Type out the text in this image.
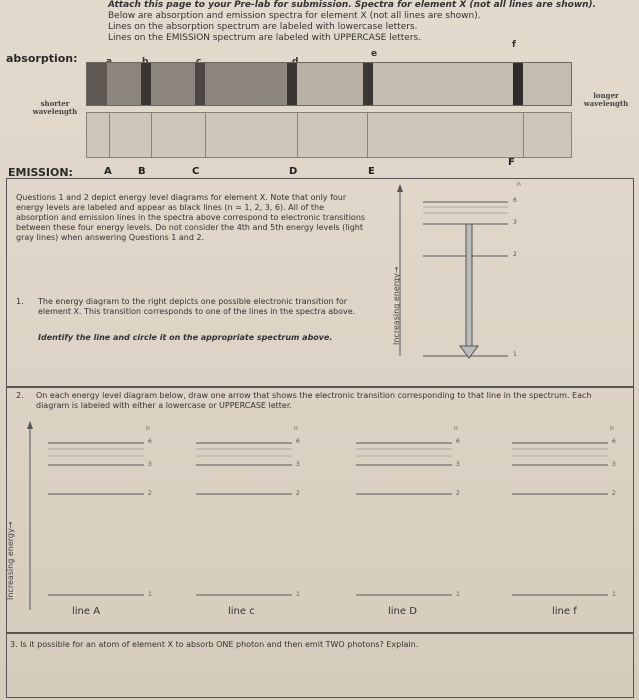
Attach this page to your Pre-lab for submission. Spectra for element X (not all lines are shown).
Below are absorption and emission spectra for element X (not all lines are shown).
Lines on the absorption spectrum are labeled with lowercase letters.
Lines on the EMISSION spectrum are labeled with UPPERCASE letters.
absorption:	e
f
shorter wavelength
longer wavelength
EMISSION:	A	B	C	D	E
F
Questions 1 and 2 depict energy level diagrams for element X. Note that only four energy levels are labeled and appear as black lines (n = 1, 2, 3, 6). All of the absorption and emission lines in the spectra above correspond to electronic transitions between these four energy levels. Do not consider the 4th and 5th energy levels (light gray lines) when answering Questions 1 and 2.
1. The energy diagram to the right depicts one possible electronic transition for element X. This transition corresponds to one of the lines in the spectra above.
Identify the line and circle it on the appropriate spectrum above.
n
6
3
2
1
Increasing energy→
2. On each energy level diagram below, draw one arrow that shows the electronic transition corresponding to that line in the spectrum. Each diagram is labeled with either a lowercase or UPPERCASE letter.
Increasing energy→
n
6
3
2
1
line A
n
6
3
2
1
line c
n
6
3
2
1
line D
n
6
3
2
1
line f
3. Is it possible for an atom of element X to absorb ONE photon and then emit TWO photons? Explain.
